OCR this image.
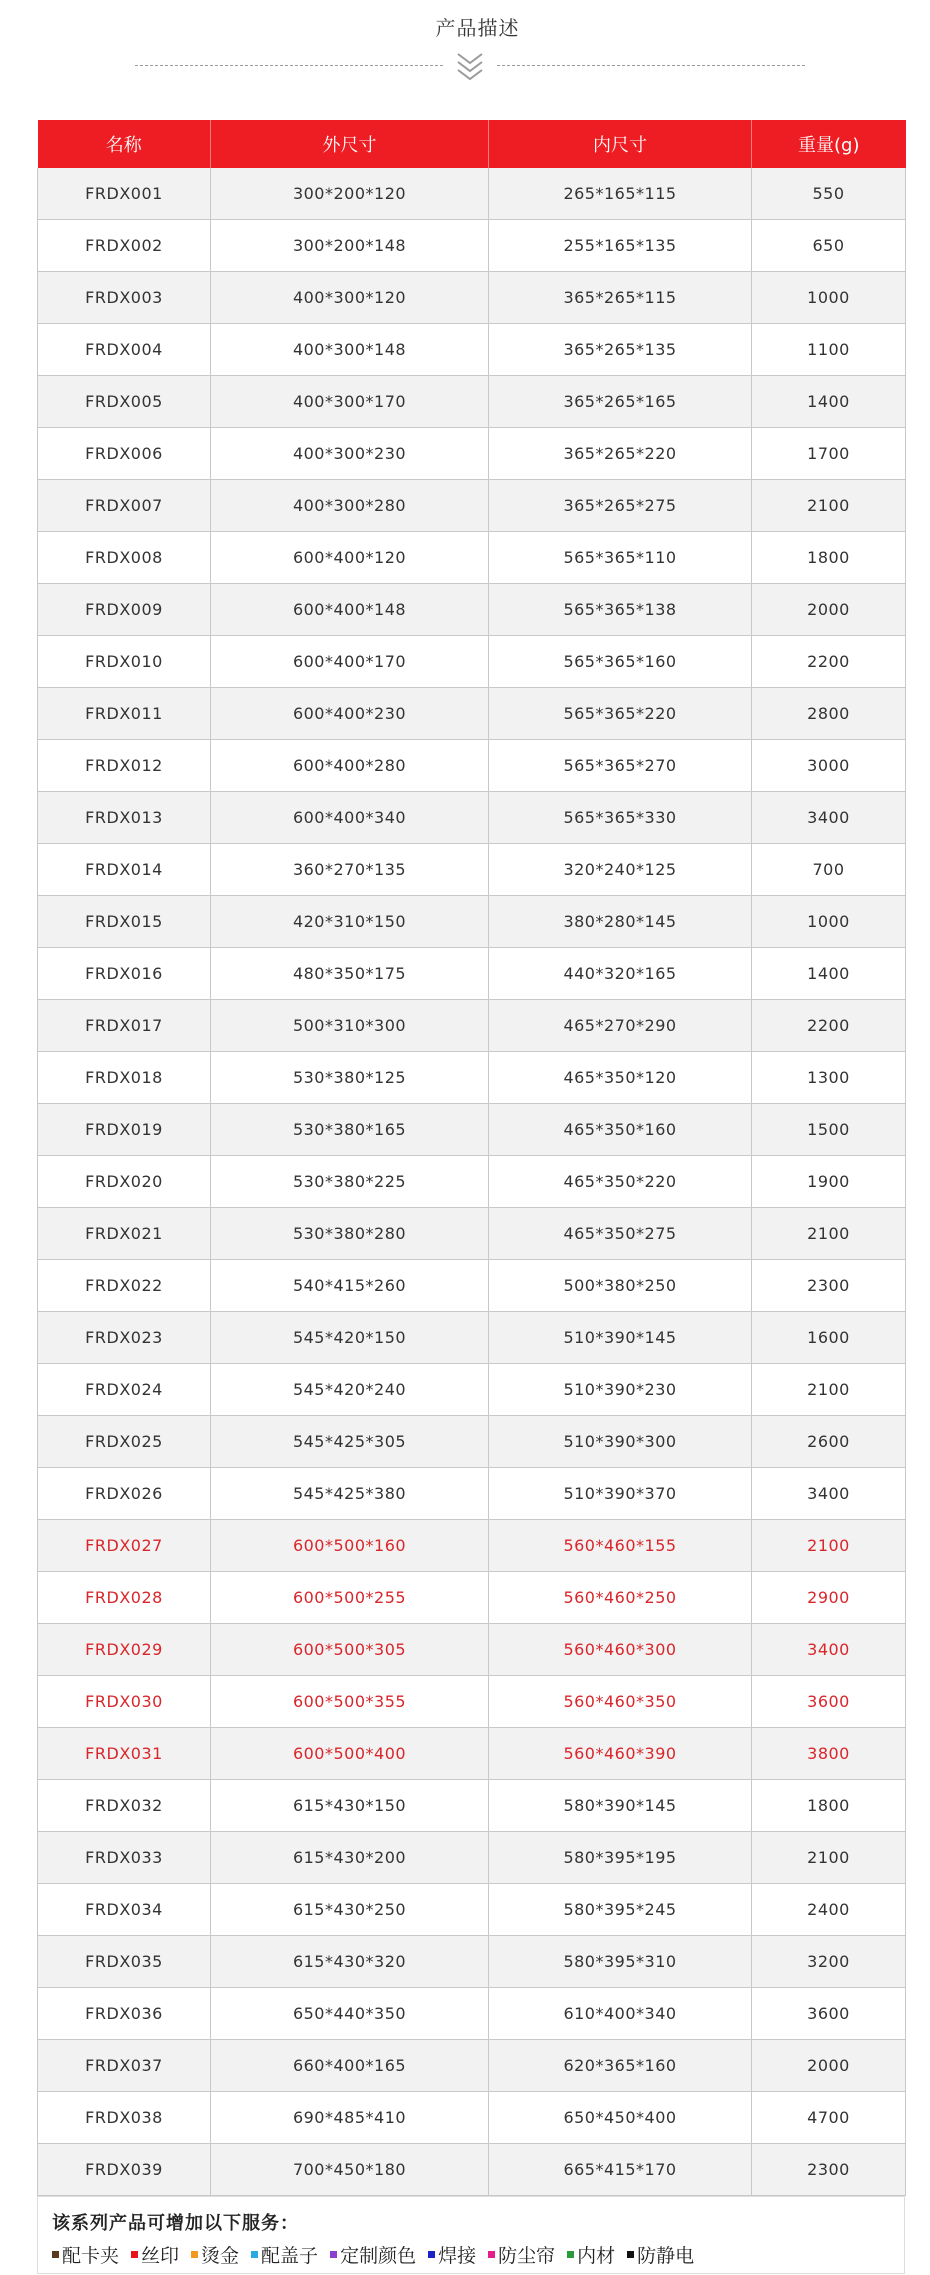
产品描述
名称	外尺寸	内尺寸	重量(g)
FRDX001	300*200*120	265*165*115	550
FRDX002	300*200*148	255*165*135	650
FRDX003	400*300*120	365*265*115	1000
FRDX004	400*300*148	365*265*135	1100
FRDX005	400*300*170	365*265*165	1400
FRDX006	400*300*230	365*265*220	1700
FRDX007	400*300*280	365*265*275	2100
FRDX008	600*400*120	565*365*110	1800
FRDX009	600*400*148	565*365*138	2000
FRDX010	600*400*170	565*365*160	2200
FRDX011	600*400*230	565*365*220	2800
FRDX012	600*400*280	565*365*270	3000
FRDX013	600*400*340	565*365*330	3400
FRDX014	360*270*135	320*240*125	700
FRDX015	420*310*150	380*280*145	1000
FRDX016	480*350*175	440*320*165	1400
FRDX017	500*310*300	465*270*290	2200
FRDX018	530*380*125	465*350*120	1300
FRDX019	530*380*165	465*350*160	1500
FRDX020	530*380*225	465*350*220	1900
FRDX021	530*380*280	465*350*275	2100
FRDX022	540*415*260	500*380*250	2300
FRDX023	545*420*150	510*390*145	1600
FRDX024	545*420*240	510*390*230	2100
FRDX025	545*425*305	510*390*300	2600
FRDX026	545*425*380	510*390*370	3400
FRDX027	600*500*160	560*460*155	2100
FRDX028	600*500*255	560*460*250	2900
FRDX029	600*500*305	560*460*300	3400
FRDX030	600*500*355	560*460*350	3600
FRDX031	600*500*400	560*460*390	3800
FRDX032	615*430*150	580*390*145	1800
FRDX033	615*430*200	580*395*195	2100
FRDX034	615*430*250	580*395*245	2400
FRDX035	615*430*320	580*395*310	3200
FRDX036	650*440*350	610*400*340	3600
FRDX037	660*400*165	620*365*160	2000
FRDX038	690*485*410	650*450*400	4700
FRDX039	700*450*180	665*415*170	2300
该系列产品可增加以下服务：
配卡夹 丝印 烫金 配盖子 定制颜色 焊接 防尘帘 内材 防静电
